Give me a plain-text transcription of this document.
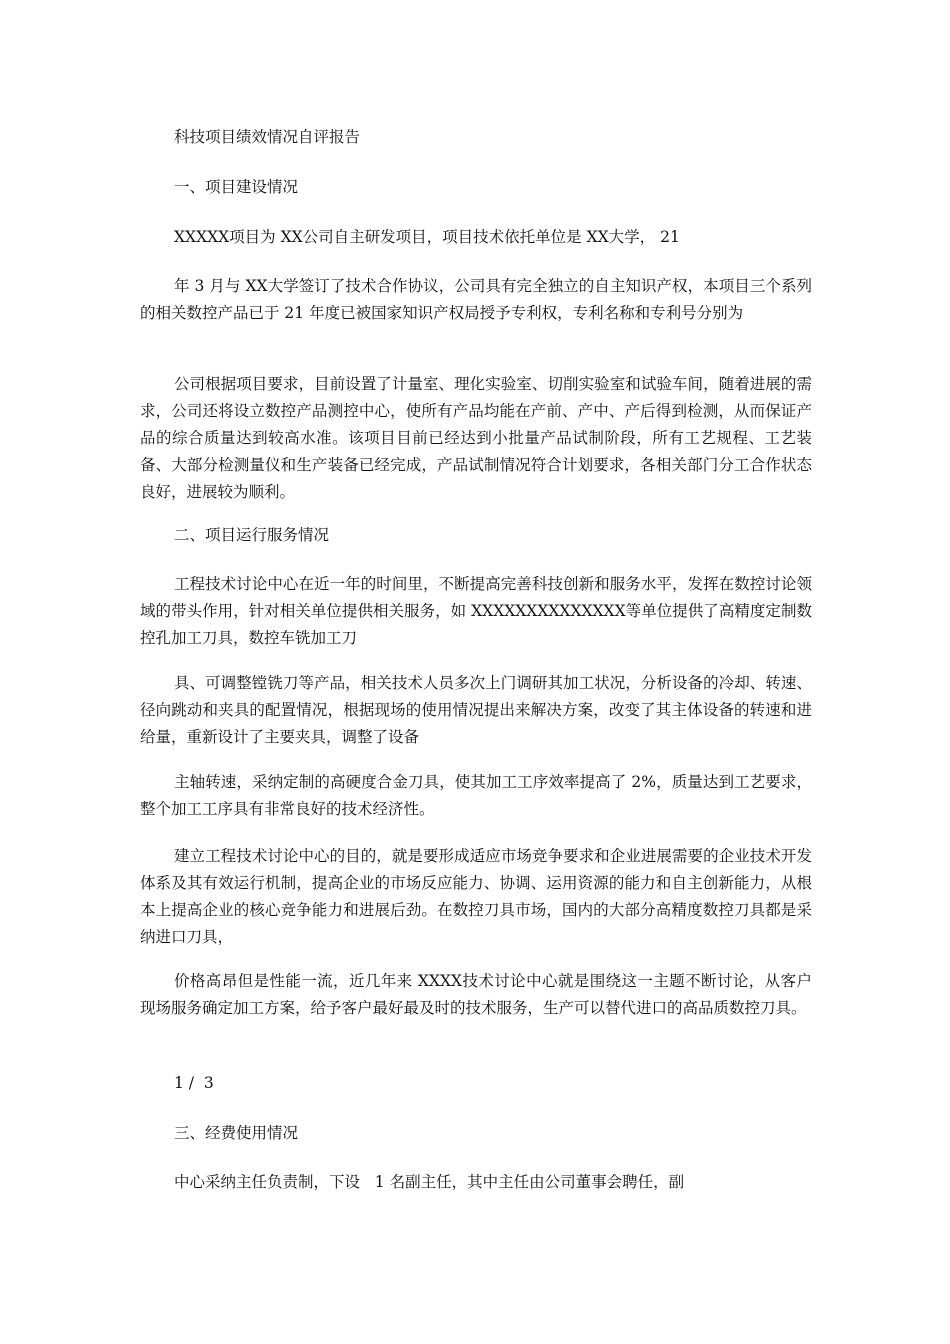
科技项目绩效情况自评报告
一、项目建设情况
XXXXX项目为 XX公司自主研发项目，项目技术依托单位是 XX大学， 21
年 3 月与 XX大学签订了技术合作协议，公司具有完全独立的自主知识产权，本项目三个系列的相关数控产品已于 21 年度已被国家知识产权局授予专利权，专利名称和专利号分别为
公司根据项目要求，目前设置了计量室、理化实验室、切削实验室和试验车间，随着进展的需求，公司还将设立数控产品测控中心，使所有产品均能在产前、产中、产后得到检测，从而保证产品的综合质量达到较高水准。该项目目前已经达到小批量产品试制阶段，所有工艺规程、工艺装备、大部分检测量仪和生产装备已经完成，产品试制情况符合计划要求，各相关部门分工合作状态良好，进展较为顺利。
二、项目运行服务情况
工程技术讨论中心在近一年的时间里，不断提高完善科技创新和服务水平，发挥在数控讨论领域的带头作用，针对相关单位提供相关服务，如 XXXXXXXXXXXXXX等单位提供了高精度定制数控孔加工刀具，数控车铣加工刀
具、可调整镗铣刀等产品，相关技术人员多次上门调研其加工状况，分析设备的冷却、转速、径向跳动和夹具的配置情况，根据现场的使用情况提出来解决方案，改变了其主体设备的转速和进给量，重新设计了主要夹具，调整了设备
主轴转速，采纳定制的高硬度合金刀具，使其加工工序效率提高了 2%，质量达到工艺要求，整个加工工序具有非常良好的技术经济性。
建立工程技术讨论中心的目的，就是要形成适应市场竞争要求和企业进展需要的企业技术开发体系及其有效运行机制，提高企业的市场反应能力、协调、运用资源的能力和自主创新能力，从根本上提高企业的核心竞争能力和进展后劲。在数控刀具市场，国内的大部分高精度数控刀具都是采纳进口刀具，
价格高昂但是性能一流，近几年来 XXXX技术讨论中心就是围绕这一主题不断讨论，从客户现场服务确定加工方案，给予客户最好最及时的技术服务，生产可以替代进口的高品质数控刀具。
1 /  3
三、经费使用情况
中心采纳主任负责制，下设   1 名副主任，其中主任由公司董事会聘任，副
